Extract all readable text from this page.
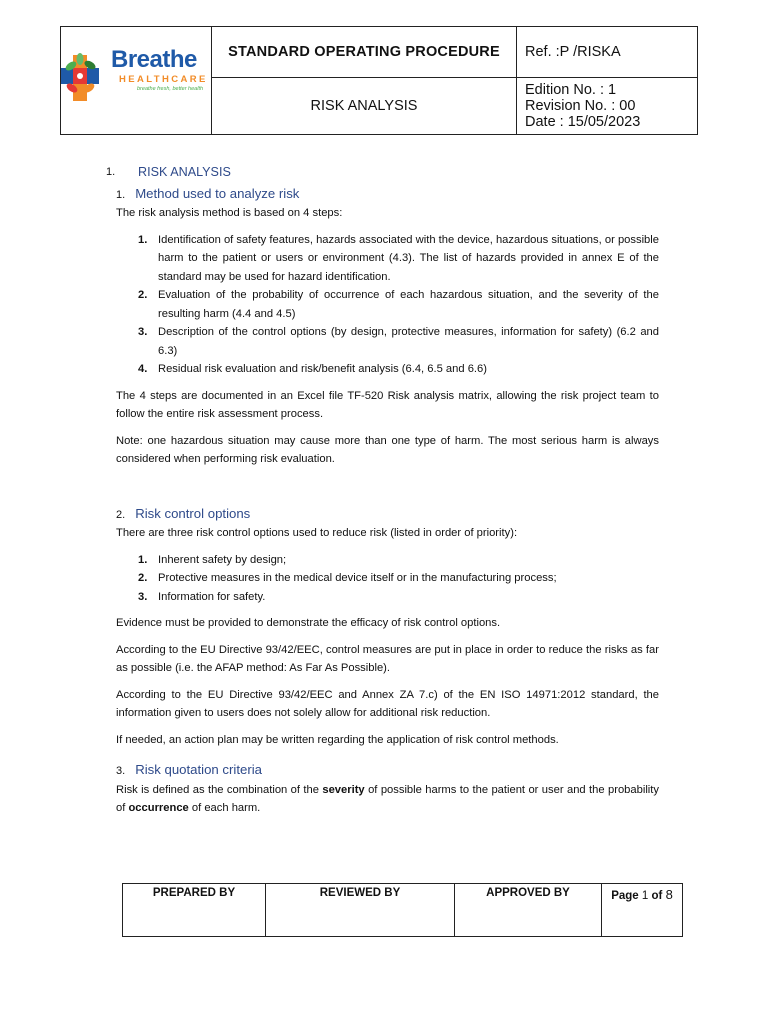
Breathe
HEALTHCARE
breathe fresh, better health	STANDARD OPERATING PROCEDURE	Ref. :P /RISKA
	RISK ANALYSIS	Edition No. : 1
Revision No. : 00
Date : 15/05/2023
1. RISK ANALYSIS
1. Method used to analyze risk

The risk analysis method is based on 4 steps:

1. Identification of safety features, hazards associated with the device, hazardous situations, or possible harm to the patient or users or environment (4.3). The list of hazards provided in annex E of the standard may be used for hazard identification.
2. Evaluation of the probability of occurrence of each hazardous situation, and the severity of the resulting harm (4.4 and 4.5)
3. Description of the control options (by design, protective measures, information for safety) (6.2 and 6.3)
4. Residual risk evaluation and risk/benefit analysis (6.4, 6.5 and 6.6)

The 4 steps are documented in an Excel file TF-520 Risk analysis matrix, allowing the risk project team to follow the entire risk assessment process.

Note: one hazardous situation may cause more than one type of harm. The most serious harm is always considered when performing risk evaluation.

2. Risk control options

There are three risk control options used to reduce risk (listed in order of priority):

1. Inherent safety by design;
2. Protective measures in the medical device itself or in the manufacturing process;
3. Information for safety.

Evidence must be provided to demonstrate the efficacy of risk control options.

According to the EU Directive 93/42/EEC, control measures are put in place in order to reduce the risks as far as possible (i.e. the AFAP method: As Far As Possible).

According to the EU Directive 93/42/EEC and Annex ZA 7.c) of the EN ISO 14971:2012 standard, the information given to users does not solely allow for additional risk reduction.

If needed, an action plan may be written regarding the application of risk control methods.

3. Risk quotation criteria

Risk is defined as the combination of the severity of possible harms to the patient or user and the probability of occurrence of each harm.

PREPARED BY	REVIEWED BY	APPROVED BY	Page 1 of 8
